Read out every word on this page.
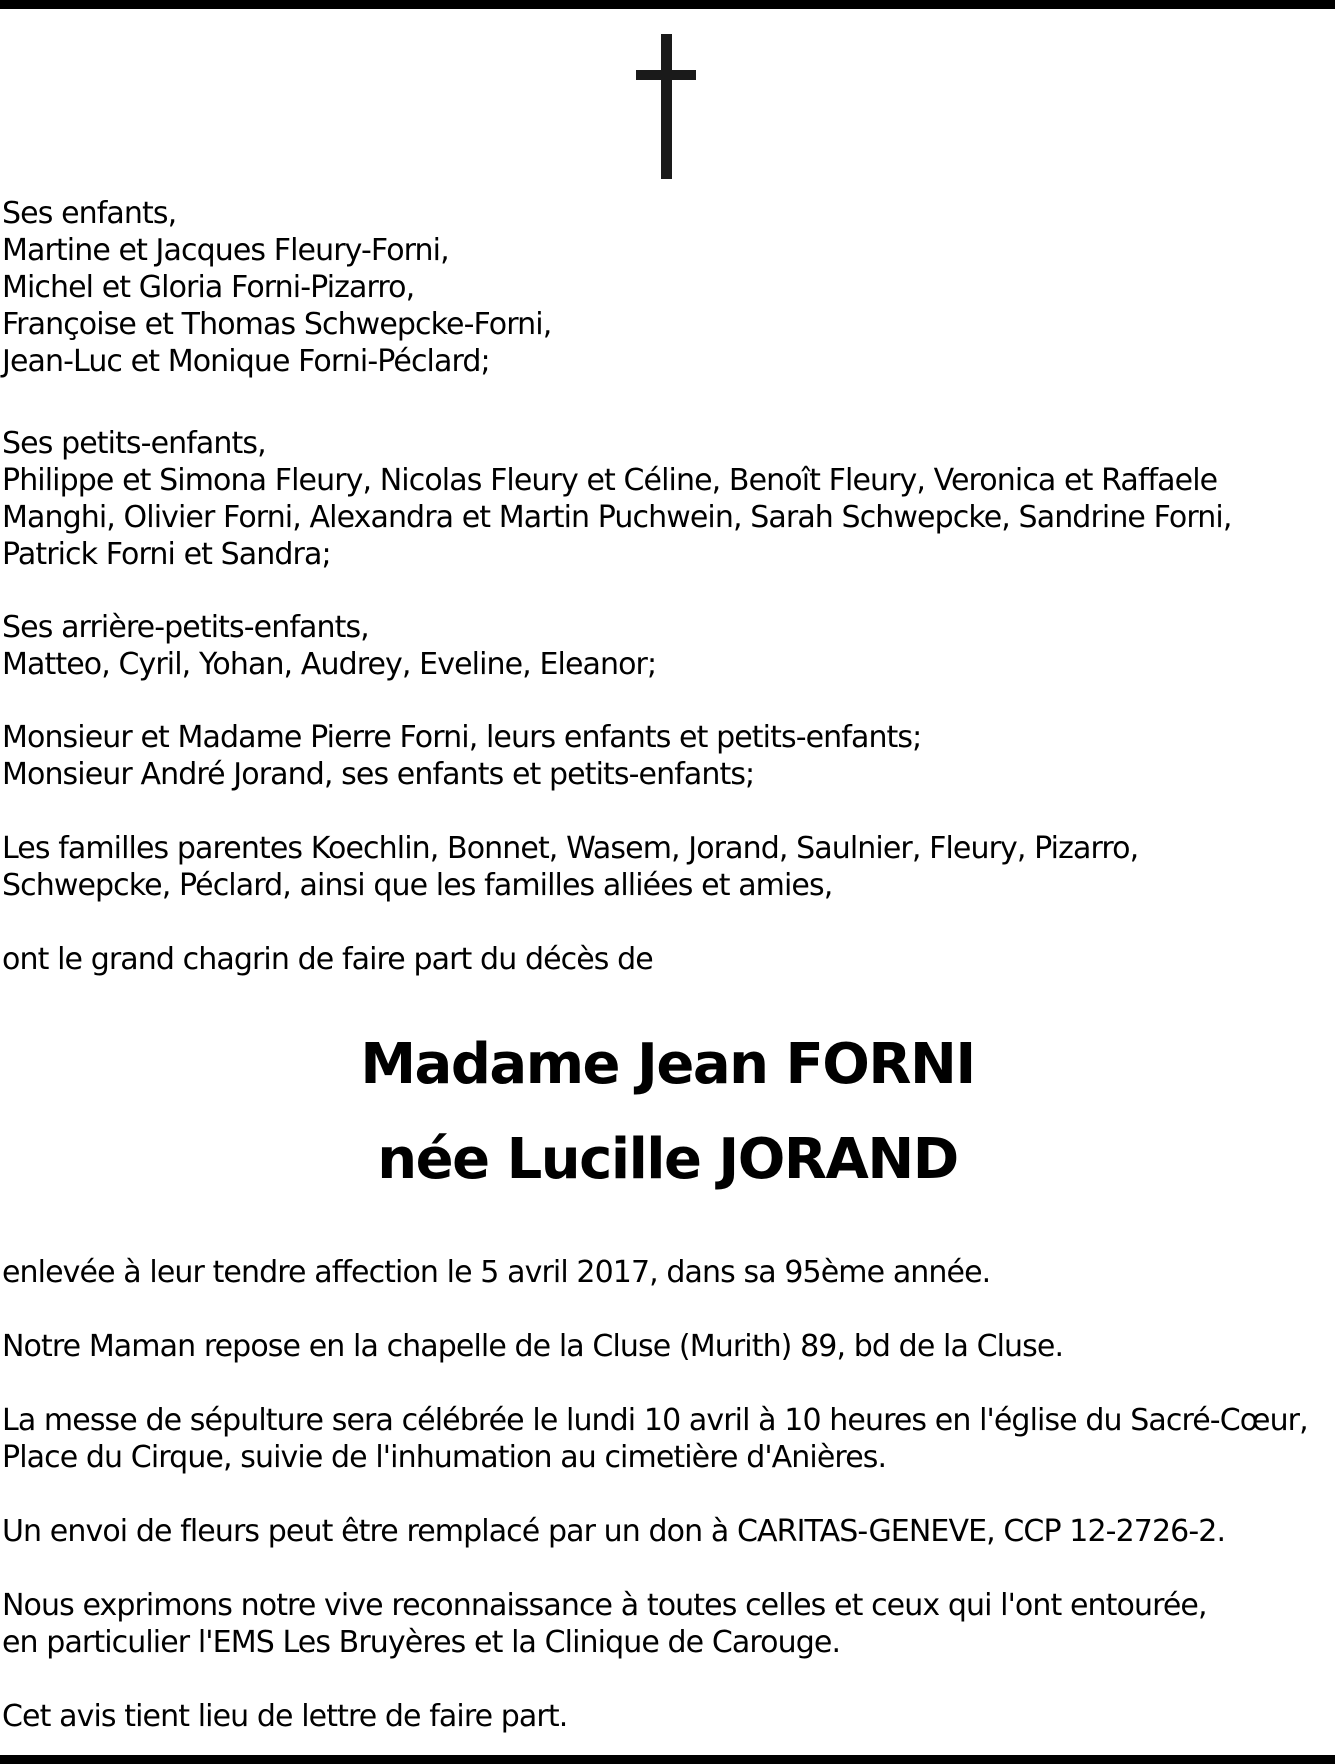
Ses enfants,
Martine et Jacques Fleury-Forni,
Michel et Gloria Forni-Pizarro,
Françoise et Thomas Schwepcke-Forni,
Jean-Luc et Monique Forni-Péclard;
Ses petits-enfants,
Philippe et Simona Fleury, Nicolas Fleury et Céline, Benoît Fleury, Veronica et Raffaele
Manghi, Olivier Forni, Alexandra et Martin Puchwein, Sarah Schwepcke, Sandrine Forni,
Patrick Forni et Sandra;
Ses arrière-petits-enfants,
Matteo, Cyril, Yohan, Audrey, Eveline, Eleanor;
Monsieur et Madame Pierre Forni, leurs enfants et petits-enfants;
Monsieur André Jorand, ses enfants et petits-enfants;
Les familles parentes Koechlin, Bonnet, Wasem, Jorand, Saulnier, Fleury, Pizarro,
Schwepcke, Péclard, ainsi que les familles alliées et amies,
ont le grand chagrin de faire part du décès de
Madame Jean FORNI
née Lucille JORAND
enlevée à leur tendre affection le 5 avril 2017, dans sa 95ème année.
Notre Maman repose en la chapelle de la Cluse (Murith) 89, bd de la Cluse.
La messe de sépulture sera célébrée le lundi 10 avril à 10 heures en l'église du Sacré-Cœur,
Place du Cirque, suivie de l'inhumation au cimetière d'Anières.
Un envoi de fleurs peut être remplacé par un don à CARITAS-GENEVE, CCP 12-2726-2.
Nous exprimons notre vive reconnaissance à toutes celles et ceux qui l'ont entourée,
en particulier l'EMS Les Bruyères et la Clinique de Carouge.
Cet avis tient lieu de lettre de faire part.
